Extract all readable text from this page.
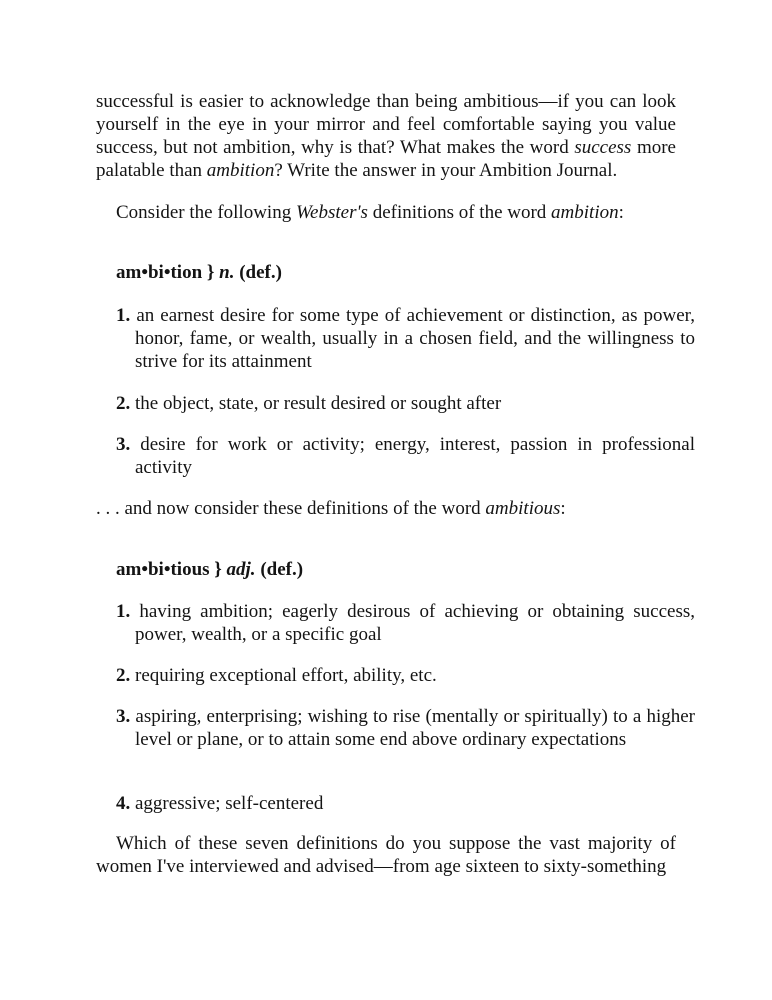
successful is easier to acknowledge than being ambitious—if you can look yourself in the eye in your mirror and feel comfortable saying you value success, but not ambition, why is that? What makes the word success more palatable than ambition? Write the answer in your Ambition Journal.

Consider the following Webster's definitions of the word ambition:

am•bi•tion } n. (def.)

1. an earnest desire for some type of achievement or distinction, as power, honor, fame, or wealth, usually in a chosen field, and the willingness to strive for its attainment

2. the object, state, or result desired or sought after

3. desire for work or activity; energy, interest, passion in professional activity

. . . and now consider these definitions of the word ambitious:

am•bi•tious } adj. (def.)

1. having ambition; eagerly desirous of achieving or obtaining success, power, wealth, or a specific goal

2. requiring exceptional effort, ability, etc.

3. aspiring, enterprising; wishing to rise (mentally or spiritually) to a higher level or plane, or to attain some end above ordinary expectations

4. aggressive; self-centered

Which of these seven definitions do you suppose the vast majority of women I've interviewed and advised—from age sixteen to sixty-something
